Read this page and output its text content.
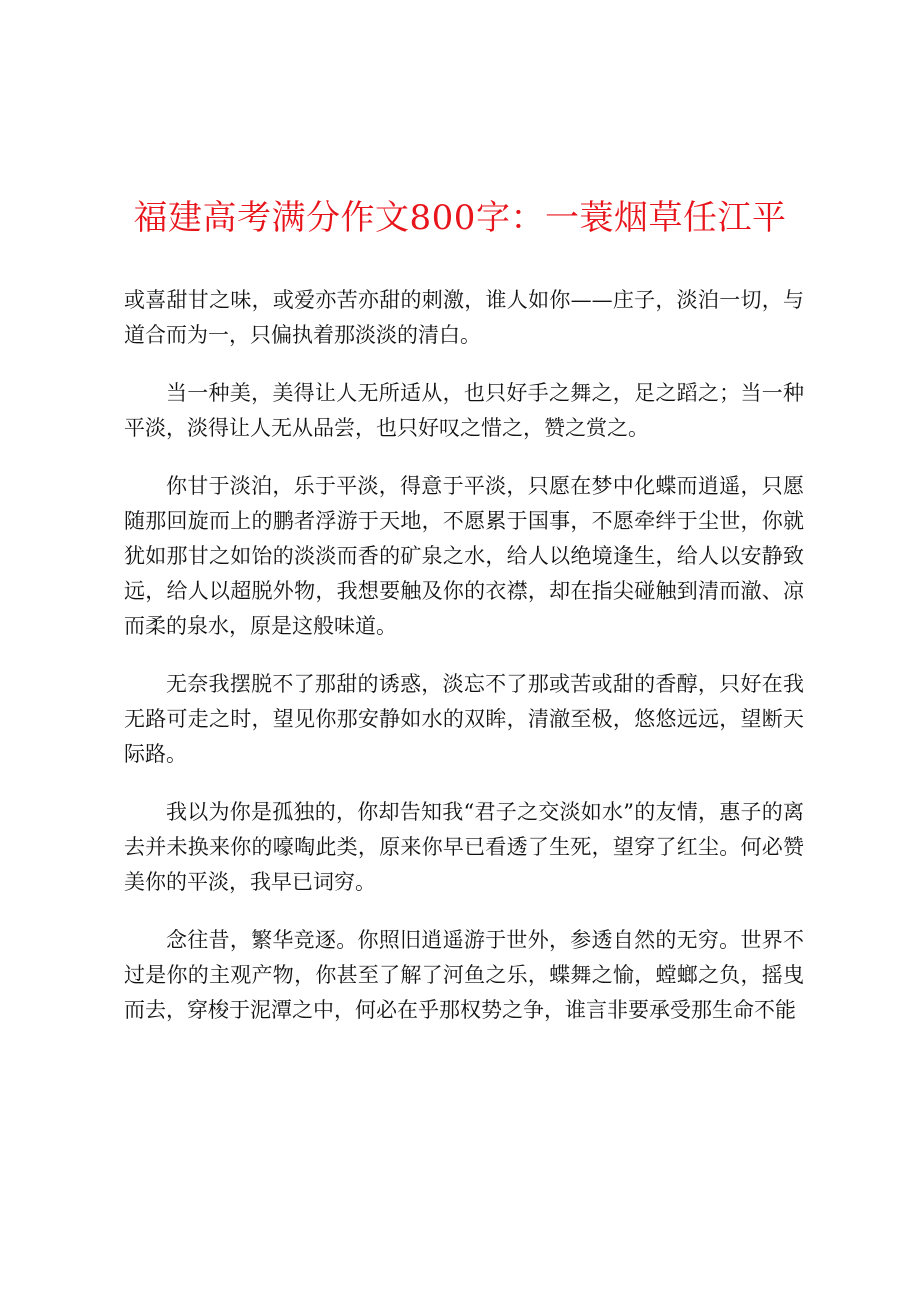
福建高考满分作文800字：一蓑烟草任江平

或喜甜甘之味，或爱亦苦亦甜的刺激，谁人如你——庄子，淡泊一切，与道合而为一，只偏执着那淡淡的清白。

当一种美，美得让人无所适从，也只好手之舞之，足之蹈之；当一种平淡，淡得让人无从品尝，也只好叹之惜之，赞之赏之。

你甘于淡泊，乐于平淡，得意于平淡，只愿在梦中化蝶而逍遥，只愿随那回旋而上的鹏者浮游于天地，不愿累于国事，不愿牵绊于尘世，你就犹如那甘之如饴的淡淡而香的矿泉之水，给人以绝境逢生，给人以安静致远，给人以超脱外物，我想要触及你的衣襟，却在指尖碰触到清而澈、凉而柔的泉水，原是这般味道。

无奈我摆脱不了那甜的诱惑，淡忘不了那或苦或甜的香醇，只好在我无路可走之时，望见你那安静如水的双眸，清澈至极，悠悠远远，望断天际路。

我以为你是孤独的，你却告知我“君子之交淡如水”的友情，惠子的离去并未换来你的嚎啕此类，原来你早已看透了生死，望穿了红尘。何必赞美你的平淡，我早已词穷。

念往昔，繁华竞逐。你照旧逍遥游于世外，参透自然的无穷。世界不过是你的主观产物，你甚至了解了河鱼之乐，蝶舞之愉，螳螂之负，摇曳而去，穿梭于泥潭之中，何必在乎那权势之争，谁言非要承受那生命不能
